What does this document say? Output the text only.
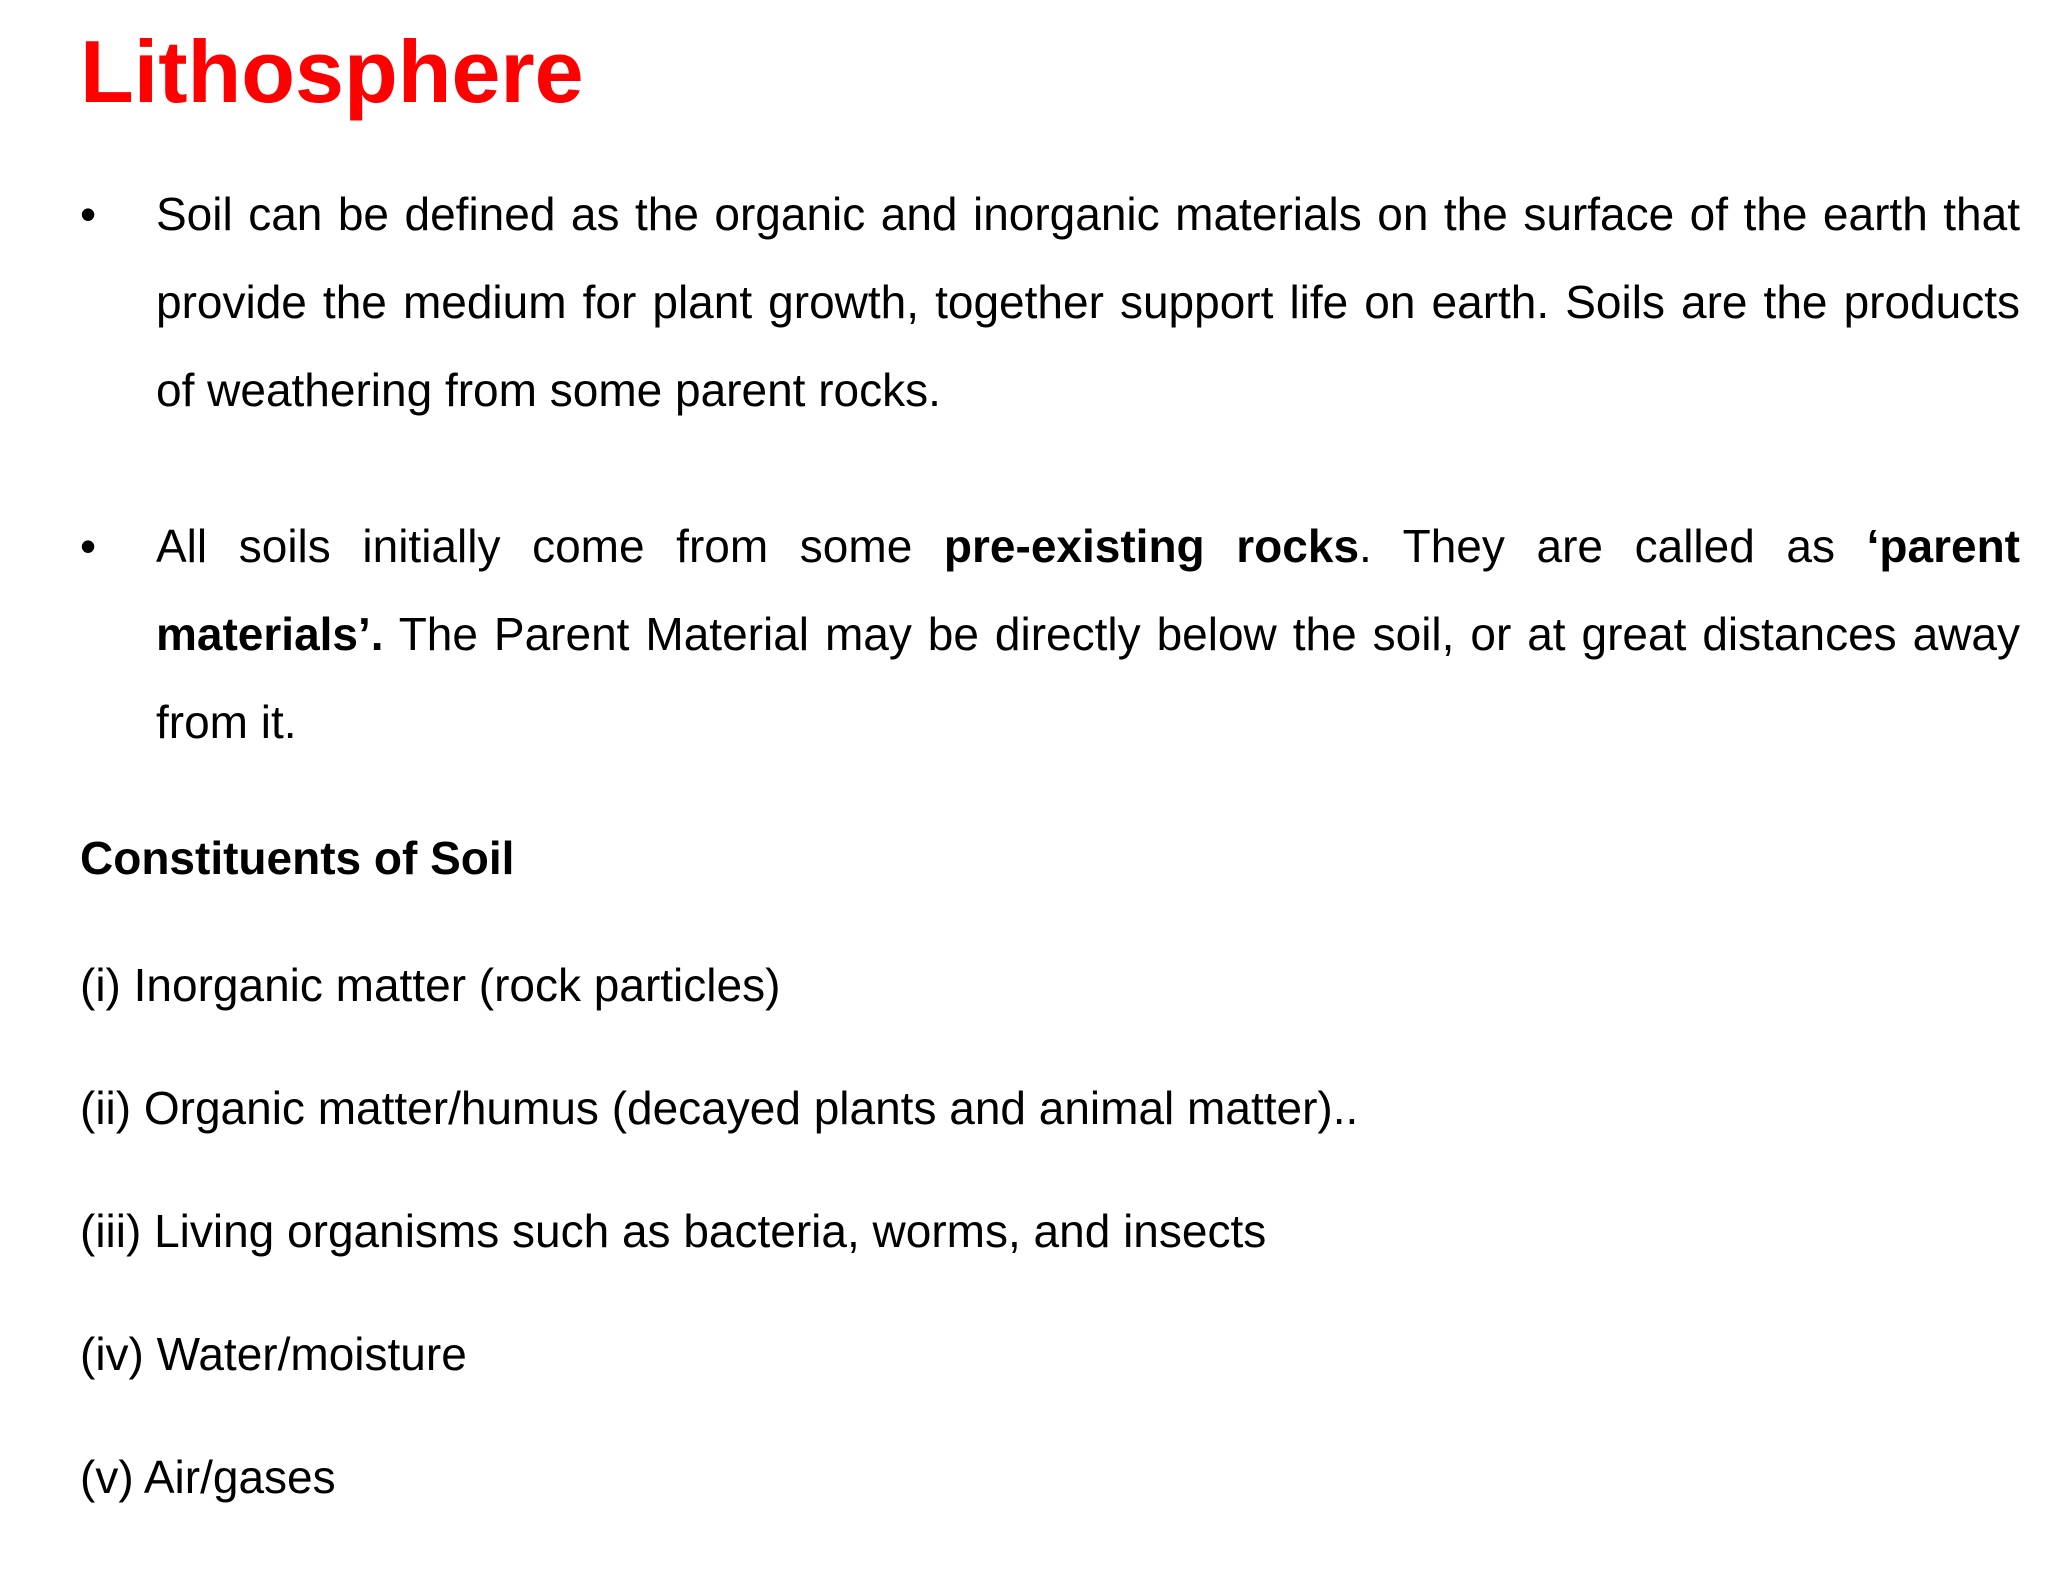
Lithosphere
•	Soil can be defined as the organic and inorganic materials on the surface of the earth that provide the medium for plant growth, together support life on earth. Soils are the products of weathering from some parent rocks.
•	All soils initially come from some pre-existing rocks. They are called as ‘parent materials’. The Parent Material may be directly below the soil, or at great distances away from it.
Constituents of Soil
(i) Inorganic matter (rock particles)
(ii) Organic matter/humus (decayed plants and animal matter)..
(iii) Living organisms such as bacteria, worms, and insects
(iv) Water/moisture
(v) Air/gases
